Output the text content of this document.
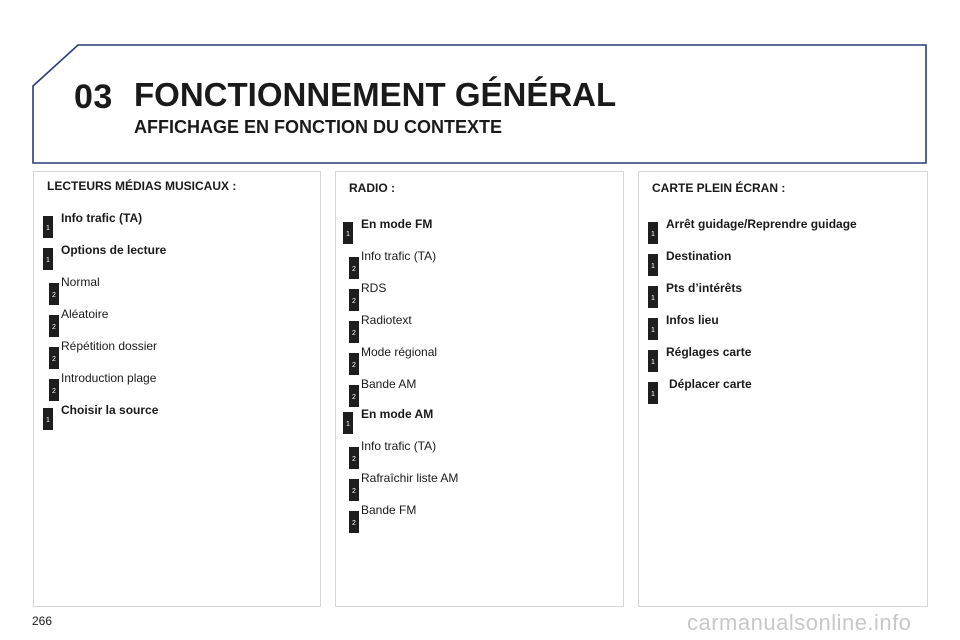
03 FONCTIONNEMENT GÉNÉRAL
AFFICHAGE EN FONCTION DU CONTEXTE
LECTEURS MÉDIAS MUSICAUX :
1
Info trafic (TA)
1
Options de lecture
2
Normal
2
Aléatoire
2
Répétition dossier
2
Introduction plage
1
Choisir la source
RADIO :
1
En mode FM
2
Info trafic (TA)
2
RDS
2
Radiotext
2
Mode régional
2
Bande AM
1
En mode AM
2
Info trafic (TA)
2
Rafraîchir liste AM
2
Bande FM
CARTE PLEIN ÉCRAN :
1
Arrêt guidage/Reprendre guidage
1
Destination
1
Pts d’intérêts
1
Infos lieu
1
Réglages carte
1
Déplacer carte
266	carmanualsonline.info
